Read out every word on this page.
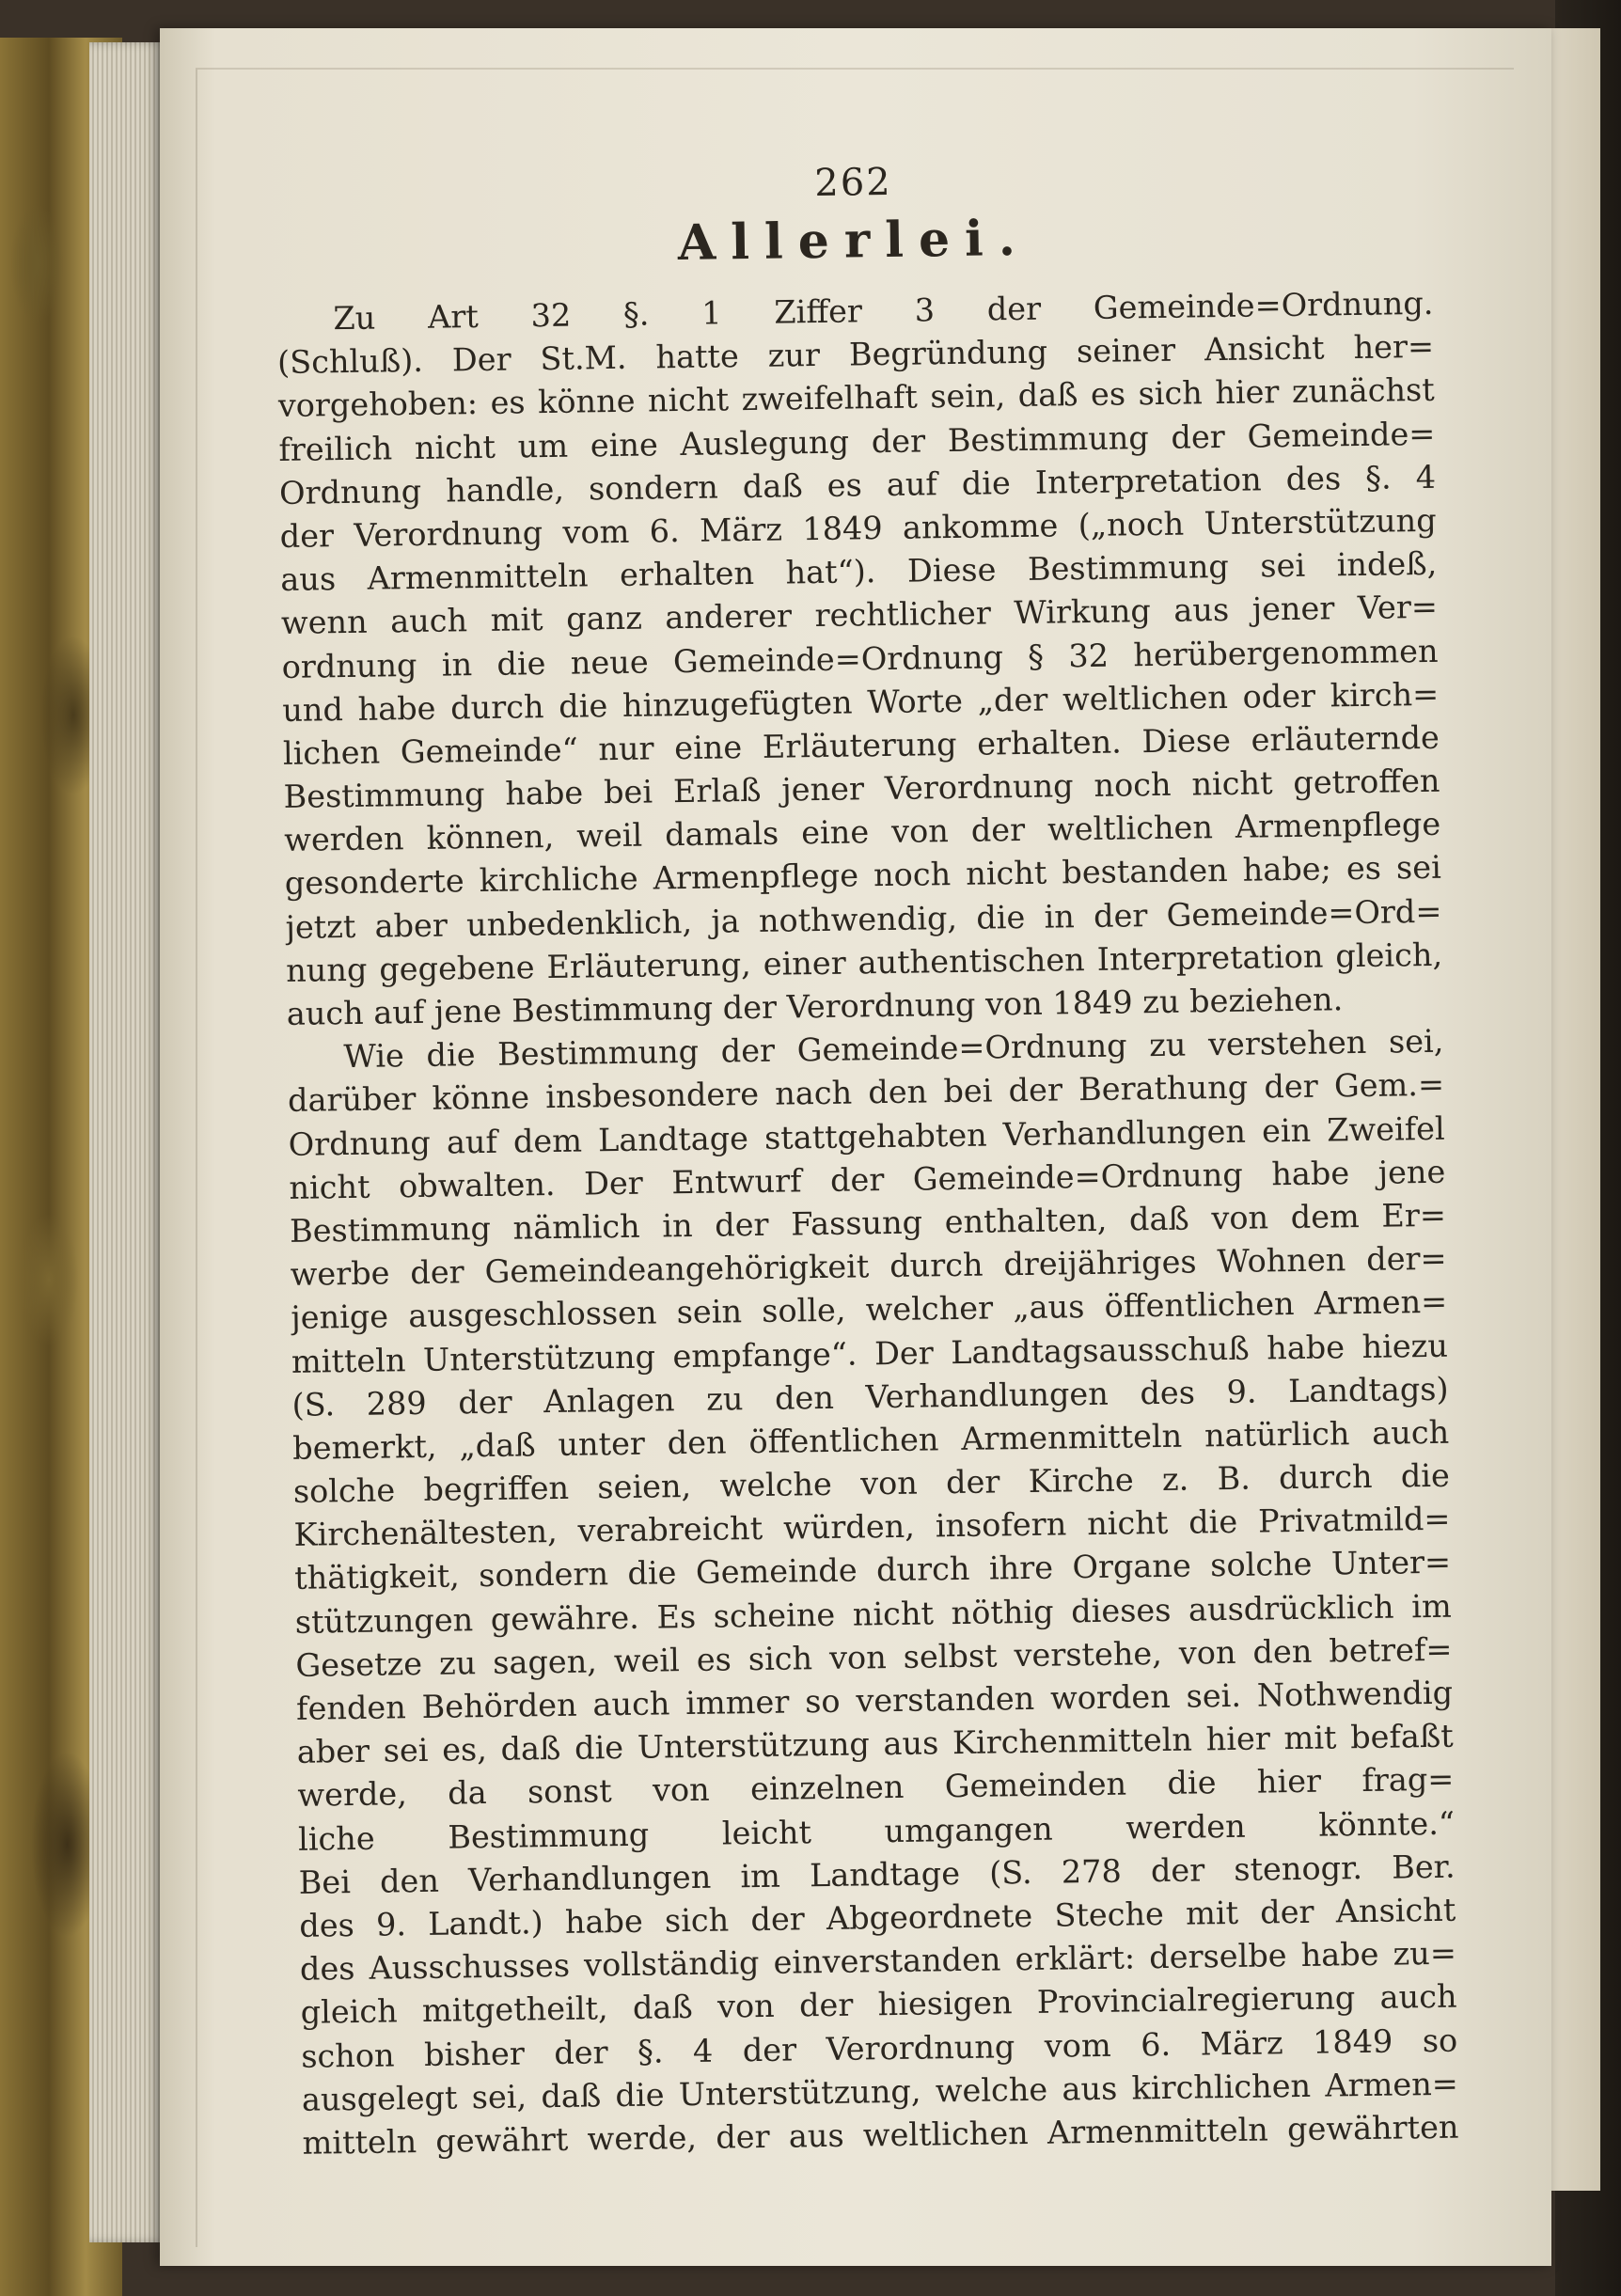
262
Allerlei.
Zu Art 32 §. 1 Ziffer 3 der Gemeinde=Ordnung.
(Schluß). Der St.M. hatte zur Begründung seiner Ansicht her=
vorgehoben: es könne nicht zweifelhaft sein, daß es sich hier zunächst
freilich nicht um eine Auslegung der Bestimmung der Gemeinde=
Ordnung handle, sondern daß es auf die Interpretation des §. 4
der Verordnung vom 6. März 1849 ankomme („noch Unterstützung
aus Armenmitteln erhalten hat“). Diese Bestimmung sei indeß,
wenn auch mit ganz anderer rechtlicher Wirkung aus jener Ver=
ordnung in die neue Gemeinde=Ordnung § 32 herübergenommen
und habe durch die hinzugefügten Worte „der weltlichen oder kirch=
lichen Gemeinde“ nur eine Erläuterung erhalten. Diese erläuternde
Bestimmung habe bei Erlaß jener Verordnung noch nicht getroffen
werden können, weil damals eine von der weltlichen Armenpflege
gesonderte kirchliche Armenpflege noch nicht bestanden habe; es sei
jetzt aber unbedenklich, ja nothwendig, die in der Gemeinde=Ord=
nung gegebene Erläuterung, einer authentischen Interpretation gleich,
auch auf jene Bestimmung der Verordnung von 1849 zu beziehen.
Wie die Bestimmung der Gemeinde=Ordnung zu verstehen sei,
darüber könne insbesondere nach den bei der Berathung der Gem.=
Ordnung auf dem Landtage stattgehabten Verhandlungen ein Zweifel
nicht obwalten. Der Entwurf der Gemeinde=Ordnung habe jene
Bestimmung nämlich in der Fassung enthalten, daß von dem Er=
werbe der Gemeindeangehörigkeit durch dreijähriges Wohnen der=
jenige ausgeschlossen sein solle, welcher „aus öffentlichen Armen=
mitteln Unterstützung empfange“. Der Landtagsausschuß habe hiezu
(S. 289 der Anlagen zu den Verhandlungen des 9. Landtags)
bemerkt, „daß unter den öffentlichen Armenmitteln natürlich auch
solche begriffen seien, welche von der Kirche z. B. durch die
Kirchenältesten, verabreicht würden, insofern nicht die Privatmild=
thätigkeit, sondern die Gemeinde durch ihre Organe solche Unter=
stützungen gewähre. Es scheine nicht nöthig dieses ausdrücklich im
Gesetze zu sagen, weil es sich von selbst verstehe, von den betref=
fenden Behörden auch immer so verstanden worden sei. Nothwendig
aber sei es, daß die Unterstützung aus Kirchenmitteln hier mit befaßt
werde, da sonst von einzelnen Gemeinden die hier frag=
liche Bestimmung leicht umgangen werden könnte.“
Bei den Verhandlungen im Landtage (S. 278 der stenogr. Ber.
des 9. Landt.) habe sich der Abgeordnete Steche mit der Ansicht
des Ausschusses vollständig einverstanden erklärt: derselbe habe zu=
gleich mitgetheilt, daß von der hiesigen Provincialregierung auch
schon bisher der §. 4 der Verordnung vom 6. März 1849 so
ausgelegt sei, daß die Unterstützung, welche aus kirchlichen Armen=
mitteln gewährt werde, der aus weltlichen Armenmitteln gewährten
